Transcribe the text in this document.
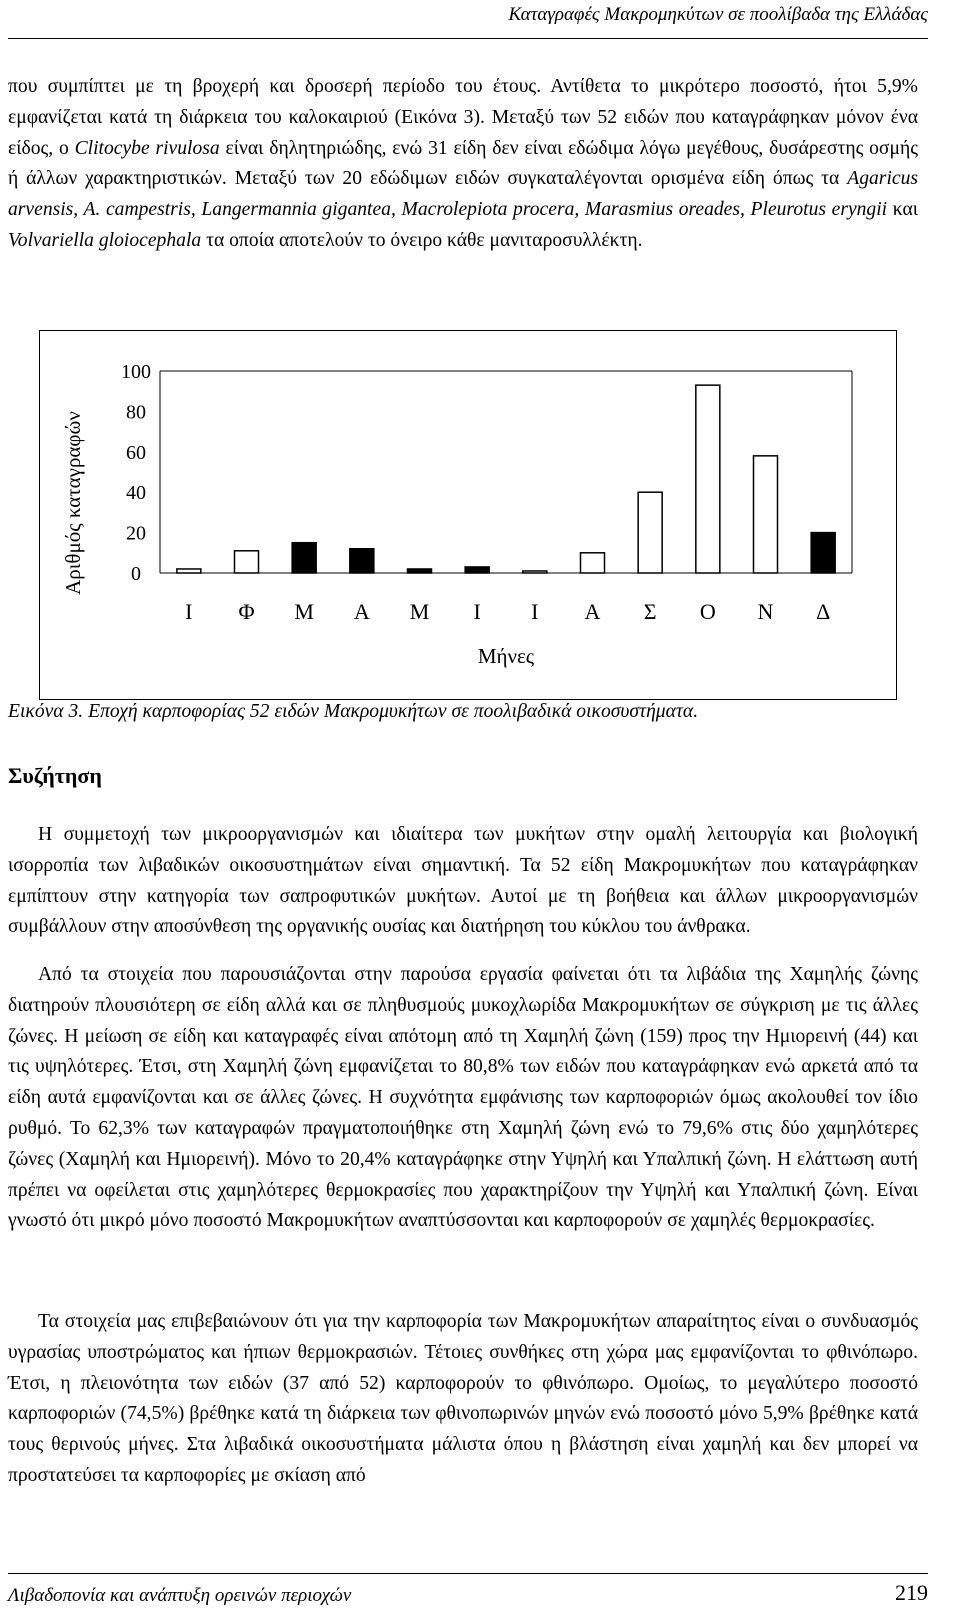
Καταγραφές Μακρομηκύτων σε ποολίβαδα της Ελλάδας

που συμπίπτει με τη βροχερή και δροσερή περίοδο του έτους. Αντίθετα το μικρότερο ποσοστό, ήτοι 5,9% εμφανίζεται κατά τη διάρκεια του καλοκαιριού (Εικόνα 3). Μεταξύ των 52 ειδών που καταγράφηκαν μόνον ένα είδος, ο Clitocybe rivulosa είναι δηλητηριώδης, ενώ 31 είδη δεν είναι εδώδιμα λόγω μεγέθους, δυσάρεστης οσμής ή άλλων χαρακτηριστικών. Μεταξύ των 20 εδώδιμων ειδών συγκαταλέγονται ορισμένα είδη όπως τα Agaricus arvensis, A. campestris, Langermannia gigantea, Macrolepiota procera, Marasmius oreades, Pleurotus eryngii και Volvariella gloiocephala τα οποία αποτελούν το όνειρο κάθε μανιταροσυλλέκτη.

Αριθμός καταγραφών 0
20
40
60
80
100
Ι Φ Μ Α Μ Ι Ι Α Σ Ο Ν Δ
Μήνες
Εικόνα 3. Εποχή καρποφορίας 52 ειδών Μακρομυκήτων σε ποολιβαδικά οικοσυστήματα.
Συζήτηση

Η συμμετοχή των μικροοργανισμών και ιδιαίτερα των μυκήτων στην ομαλή λειτουργία και βιολογική ισορροπία των λιβαδικών οικοσυστημάτων είναι σημαντική. Τα 52 είδη Μακρομυκήτων που καταγράφηκαν εμπίπτουν στην κατηγορία των σαπροφυτικών μυκήτων. Αυτοί με τη βοήθεια και άλλων μικροοργανισμών συμβάλλουν στην αποσύνθεση της οργανικής ουσίας και διατήρηση του κύκλου του άνθρακα.

Από τα στοιχεία που παρουσιάζονται στην παρούσα εργασία φαίνεται ότι τα λιβάδια της Χαμηλής ζώνης διατηρούν πλουσιότερη σε είδη αλλά και σε πληθυσμούς μυκοχλωρίδα Μακρομυκήτων σε σύγκριση με τις άλλες ζώνες. Η μείωση σε είδη και καταγραφές είναι απότομη από τη Χαμηλή ζώνη (159) προς την Ημιορεινή (44) και τις υψηλότερες. Έτσι, στη Χαμηλή ζώνη εμφανίζεται το 80,8% των ειδών που καταγράφηκαν ενώ αρκετά από τα είδη αυτά εμφανίζονται και σε άλλες ζώνες. Η συχνότητα εμφάνισης των καρποφοριών όμως ακολουθεί τον ίδιο ρυθμό. Το 62,3% των καταγραφών πραγματοποιήθηκε στη Χαμηλή ζώνη ενώ το 79,6% στις δύο χαμηλότερες ζώνες (Χαμηλή και Ημιορεινή). Μόνο το 20,4% καταγράφηκε στην Υψηλή και Υπαλπική ζώνη. Η ελάττωση αυτή πρέπει να οφείλεται στις χαμηλότερες θερμοκρασίες που χαρακτηρίζουν την Υψηλή και Υπαλπική ζώνη. Είναι γνωστό ότι μικρό μόνο ποσοστό Μακρομυκήτων αναπτύσσονται και καρποφορούν σε χαμηλές θερμοκρασίες.

Τα στοιχεία μας επιβεβαιώνουν ότι για την καρποφορία των Μακρομυκήτων απαραίτητος είναι ο συνδυασμός υγρασίας υποστρώματος και ήπιων θερμοκρασιών. Τέτοιες συνθήκες στη χώρα μας εμφανίζονται το φθινόπωρο. Έτσι, η πλειονότητα των ειδών (37 από 52) καρποφορούν το φθινόπωρο. Ομοίως, το μεγαλύτερο ποσοστό καρποφοριών (74,5%) βρέθηκε κατά τη διάρκεια των φθινοπωρινών μηνών ενώ ποσοστό μόνο 5,9% βρέθηκε κατά τους θερινούς μήνες. Στα λιβαδικά οικοσυστήματα μάλιστα όπου η βλάστηση είναι χαμηλή και δεν μπορεί να προστατεύσει τα καρποφορίες με σκίαση από

Λιβαδοπονία και ανάπτυξη ορεινών περιοχών	219
